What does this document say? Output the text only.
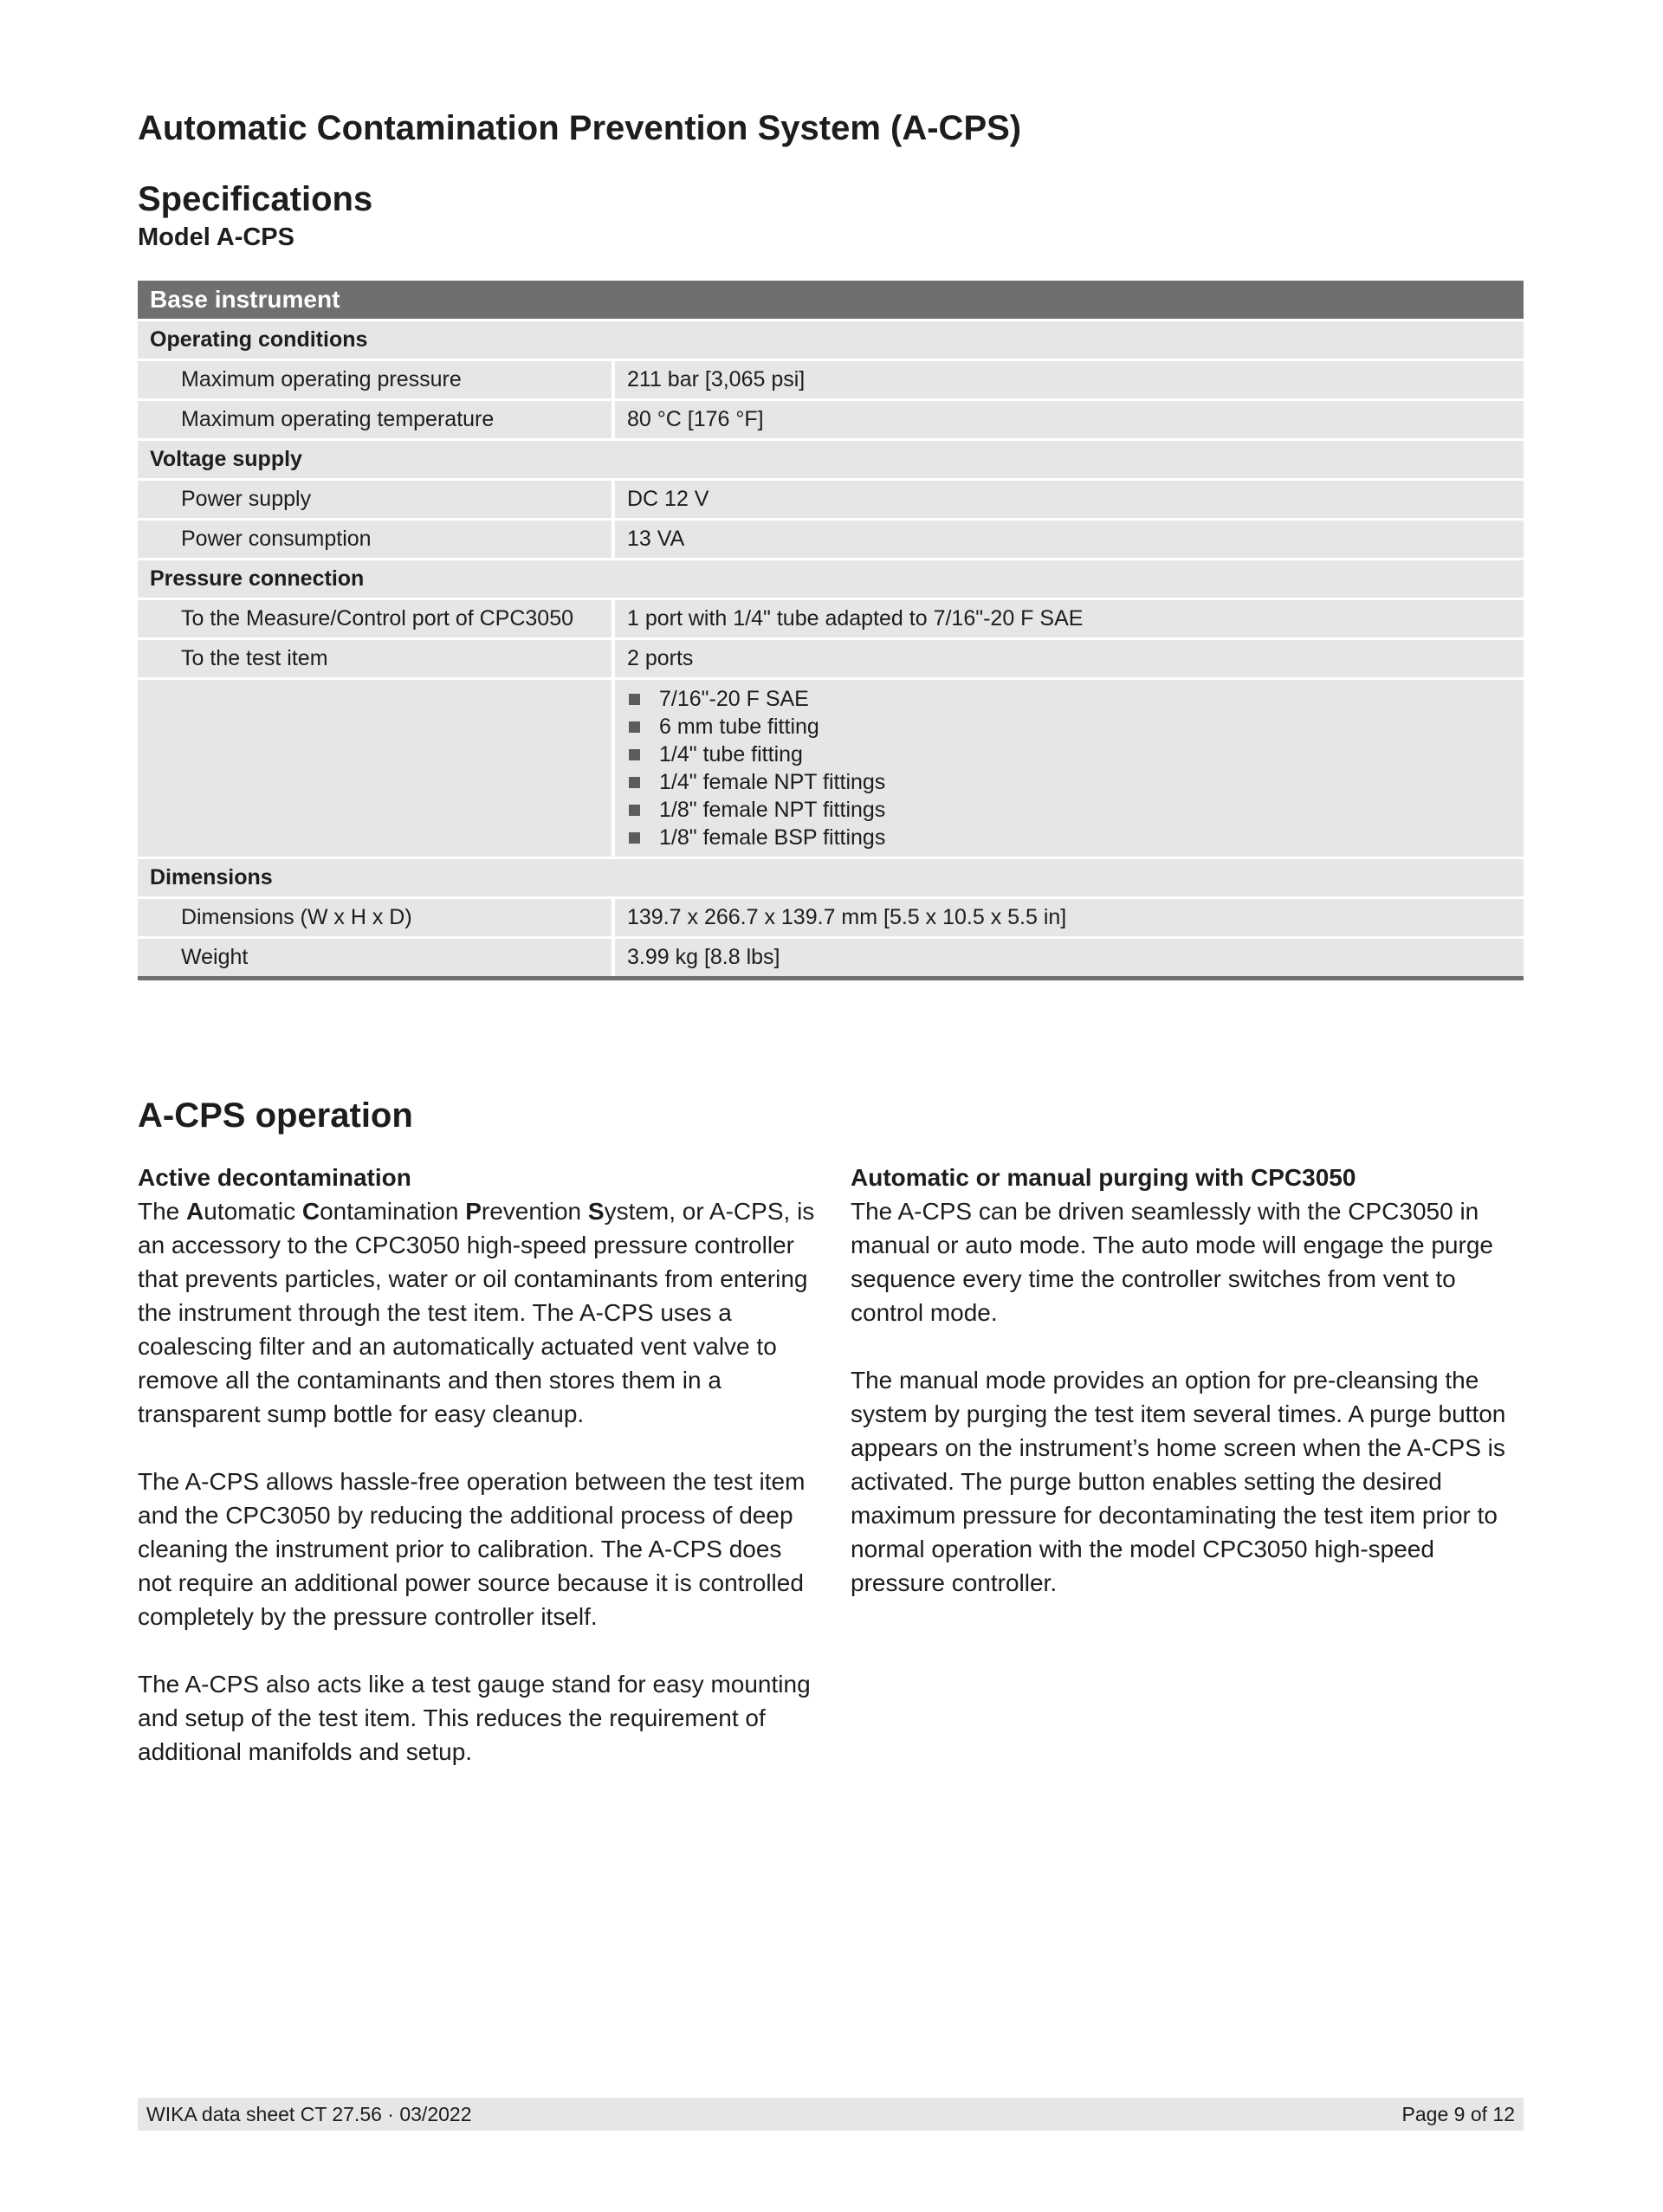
Automatic Contamination Prevention System (A-CPS)
Specifications
Model A-CPS
Base instrument
Operating conditions
Maximum operating pressure	211 bar [3,065 psi]
Maximum operating temperature	80 °C [176 °F]
Voltage supply
Power supply	DC 12 V
Power consumption	13 VA
Pressure connection
To the Measure/Control port of CPC3050	1 port with 1/4" tube adapted to 7/16"-20 F SAE
To the test item	2 ports
7/16"-20 F SAE
6 mm tube fitting
1/4" tube fitting
1/4" female NPT fittings
1/8" female NPT fittings
1/8" female BSP fittings
Dimensions
Dimensions (W x H x D)	139.7 x 266.7 x 139.7 mm [5.5 x 10.5 x 5.5 in]
Weight	3.99 kg [8.8 lbs]
A-CPS operation
Active decontamination

The Automatic Contamination Prevention System, or A-CPS, is an accessory to the CPC3050 high-speed pressure controller that prevents particles, water or oil contaminants from entering the instrument through the test item. The A-CPS uses a coalescing filter and an automatically actuated vent valve to remove all the contaminants and then stores them in a transparent sump bottle for easy cleanup.

The A-CPS allows hassle-free operation between the test item and the CPC3050 by reducing the additional process of deep cleaning the instrument prior to calibration. The A-CPS does not require an additional power source because it is controlled completely by the pressure controller itself.

The A-CPS also acts like a test gauge stand for easy mounting and setup of the test item. This reduces the requirement of additional manifolds and setup.

Automatic or manual purging with CPC3050

The A-CPS can be driven seamlessly with the CPC3050 in manual or auto mode. The auto mode will engage the purge sequence every time the controller switches from vent to control mode.

The manual mode provides an option for pre-cleansing the system by purging the test item several times. A purge button appears on the instrument’s home screen when the A-CPS is activated. The purge button enables setting the desired maximum pressure for decontaminating the test item prior to normal operation with the model CPC3050 high-speed pressure controller.

WIKA data sheet CT 27.56 · 03/2022	Page 9 of 12
